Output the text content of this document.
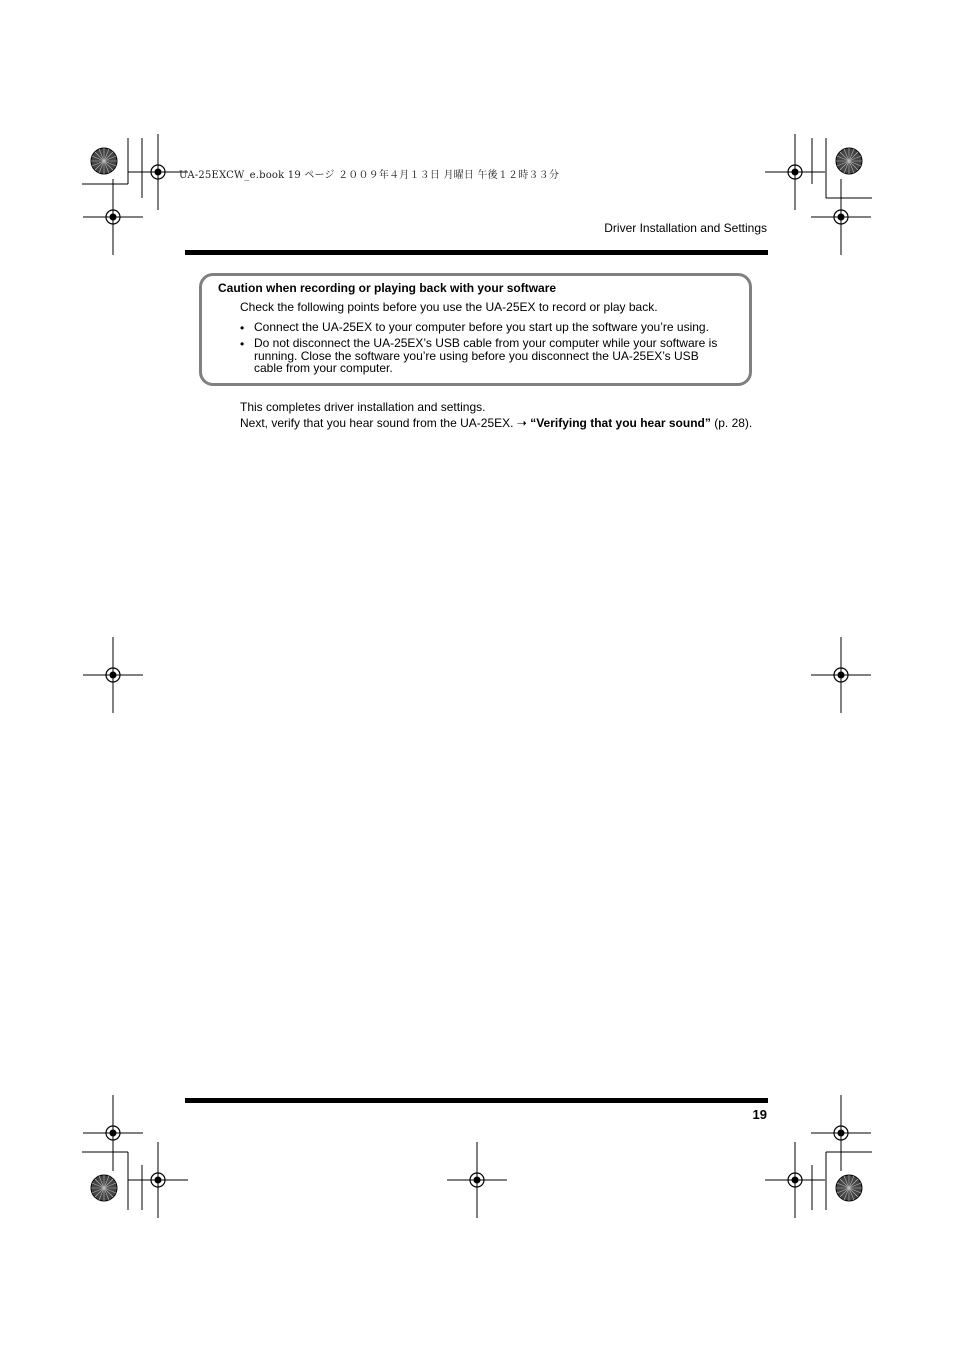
UA-25EXCW_e.book 19 ページ ２００９年４月１３日 月曜日 午後１２時３３分
Driver Installation and Settings
Caution when recording or playing back with your software
Check the following points before you use the UA-25EX to record or play back.
• Connect the UA-25EX to your computer before you start up the software you’re using.
• Do not disconnect the UA-25EX’s USB cable from your computer while your software is running. Close the software you’re using before you disconnect the UA-25EX’s USB cable from your computer.
This completes driver installation and settings.
Next, verify that you hear sound from the UA-25EX. ➝ “Verifying that you hear sound” (p. 28).
19
